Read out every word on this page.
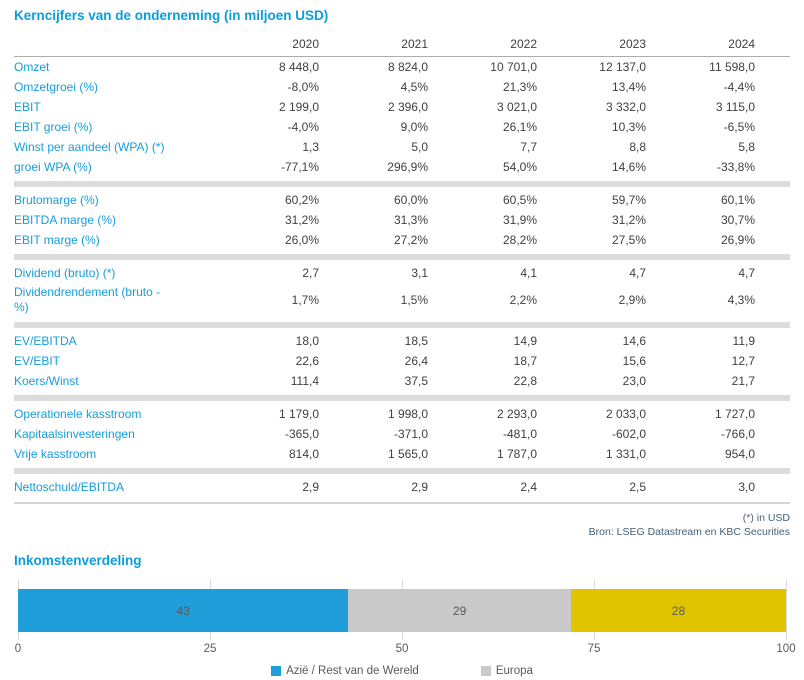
Kerncijfers van de onderneming (in miljoen USD)
	2020	2021	2022	2023	2024	
Omzet	8 448,0	8 824,0	10 701,0	12 137,0	11 598,0	
Omzetgroei (%)	-8,0%	4,5%	21,3%	13,4%	-4,4%	
EBIT	2 199,0	2 396,0	3 021,0	3 332,0	3 115,0	
EBIT groei (%)	-4,0%	9,0%	26,1%	10,3%	-6,5%	
Winst per aandeel (WPA) (*)	1,3	5,0	7,7	8,8	5,8	
groei WPA (%)	-77,1%	296,9%	54,0%	14,6%	-33,8%	

Brutomarge (%)	60,2%	60,0%	60,5%	59,7%	60,1%	
EBITDA marge (%)	31,2%	31,3%	31,9%	31,2%	30,7%	
EBIT marge (%)	26,0%	27,2%	28,2%	27,5%	26,9%	

Dividend (bruto) (*)	2,7	3,1	4,1	4,7	4,7	
Dividendrendement (bruto - %)	1,7%	1,5%	2,2%	2,9%	4,3%	

EV/EBITDA	18,0	18,5	14,9	14,6	11,9	
EV/EBIT	22,6	26,4	18,7	15,6	12,7	
Koers/Winst	111,4	37,5	22,8	23,0	21,7	

Operationele kasstroom	1 179,0	1 998,0	2 293,0	2 033,0	1 727,0	
Kapitaalsinvesteringen	-365,0	-371,0	-481,0	-602,0	-766,0	
Vrije kasstroom	814,0	1 565,0	1 787,0	1 331,0	954,0	

Nettoschuld/EBITDA	2,9	2,9	2,4	2,5	3,0	

(*) in USD
Bron: LSEG Datastream en KBC Securities
Inkomstenverdeling
43	29	28
0	25	50	75	100
Azië / Rest van de Wereld	Europa
